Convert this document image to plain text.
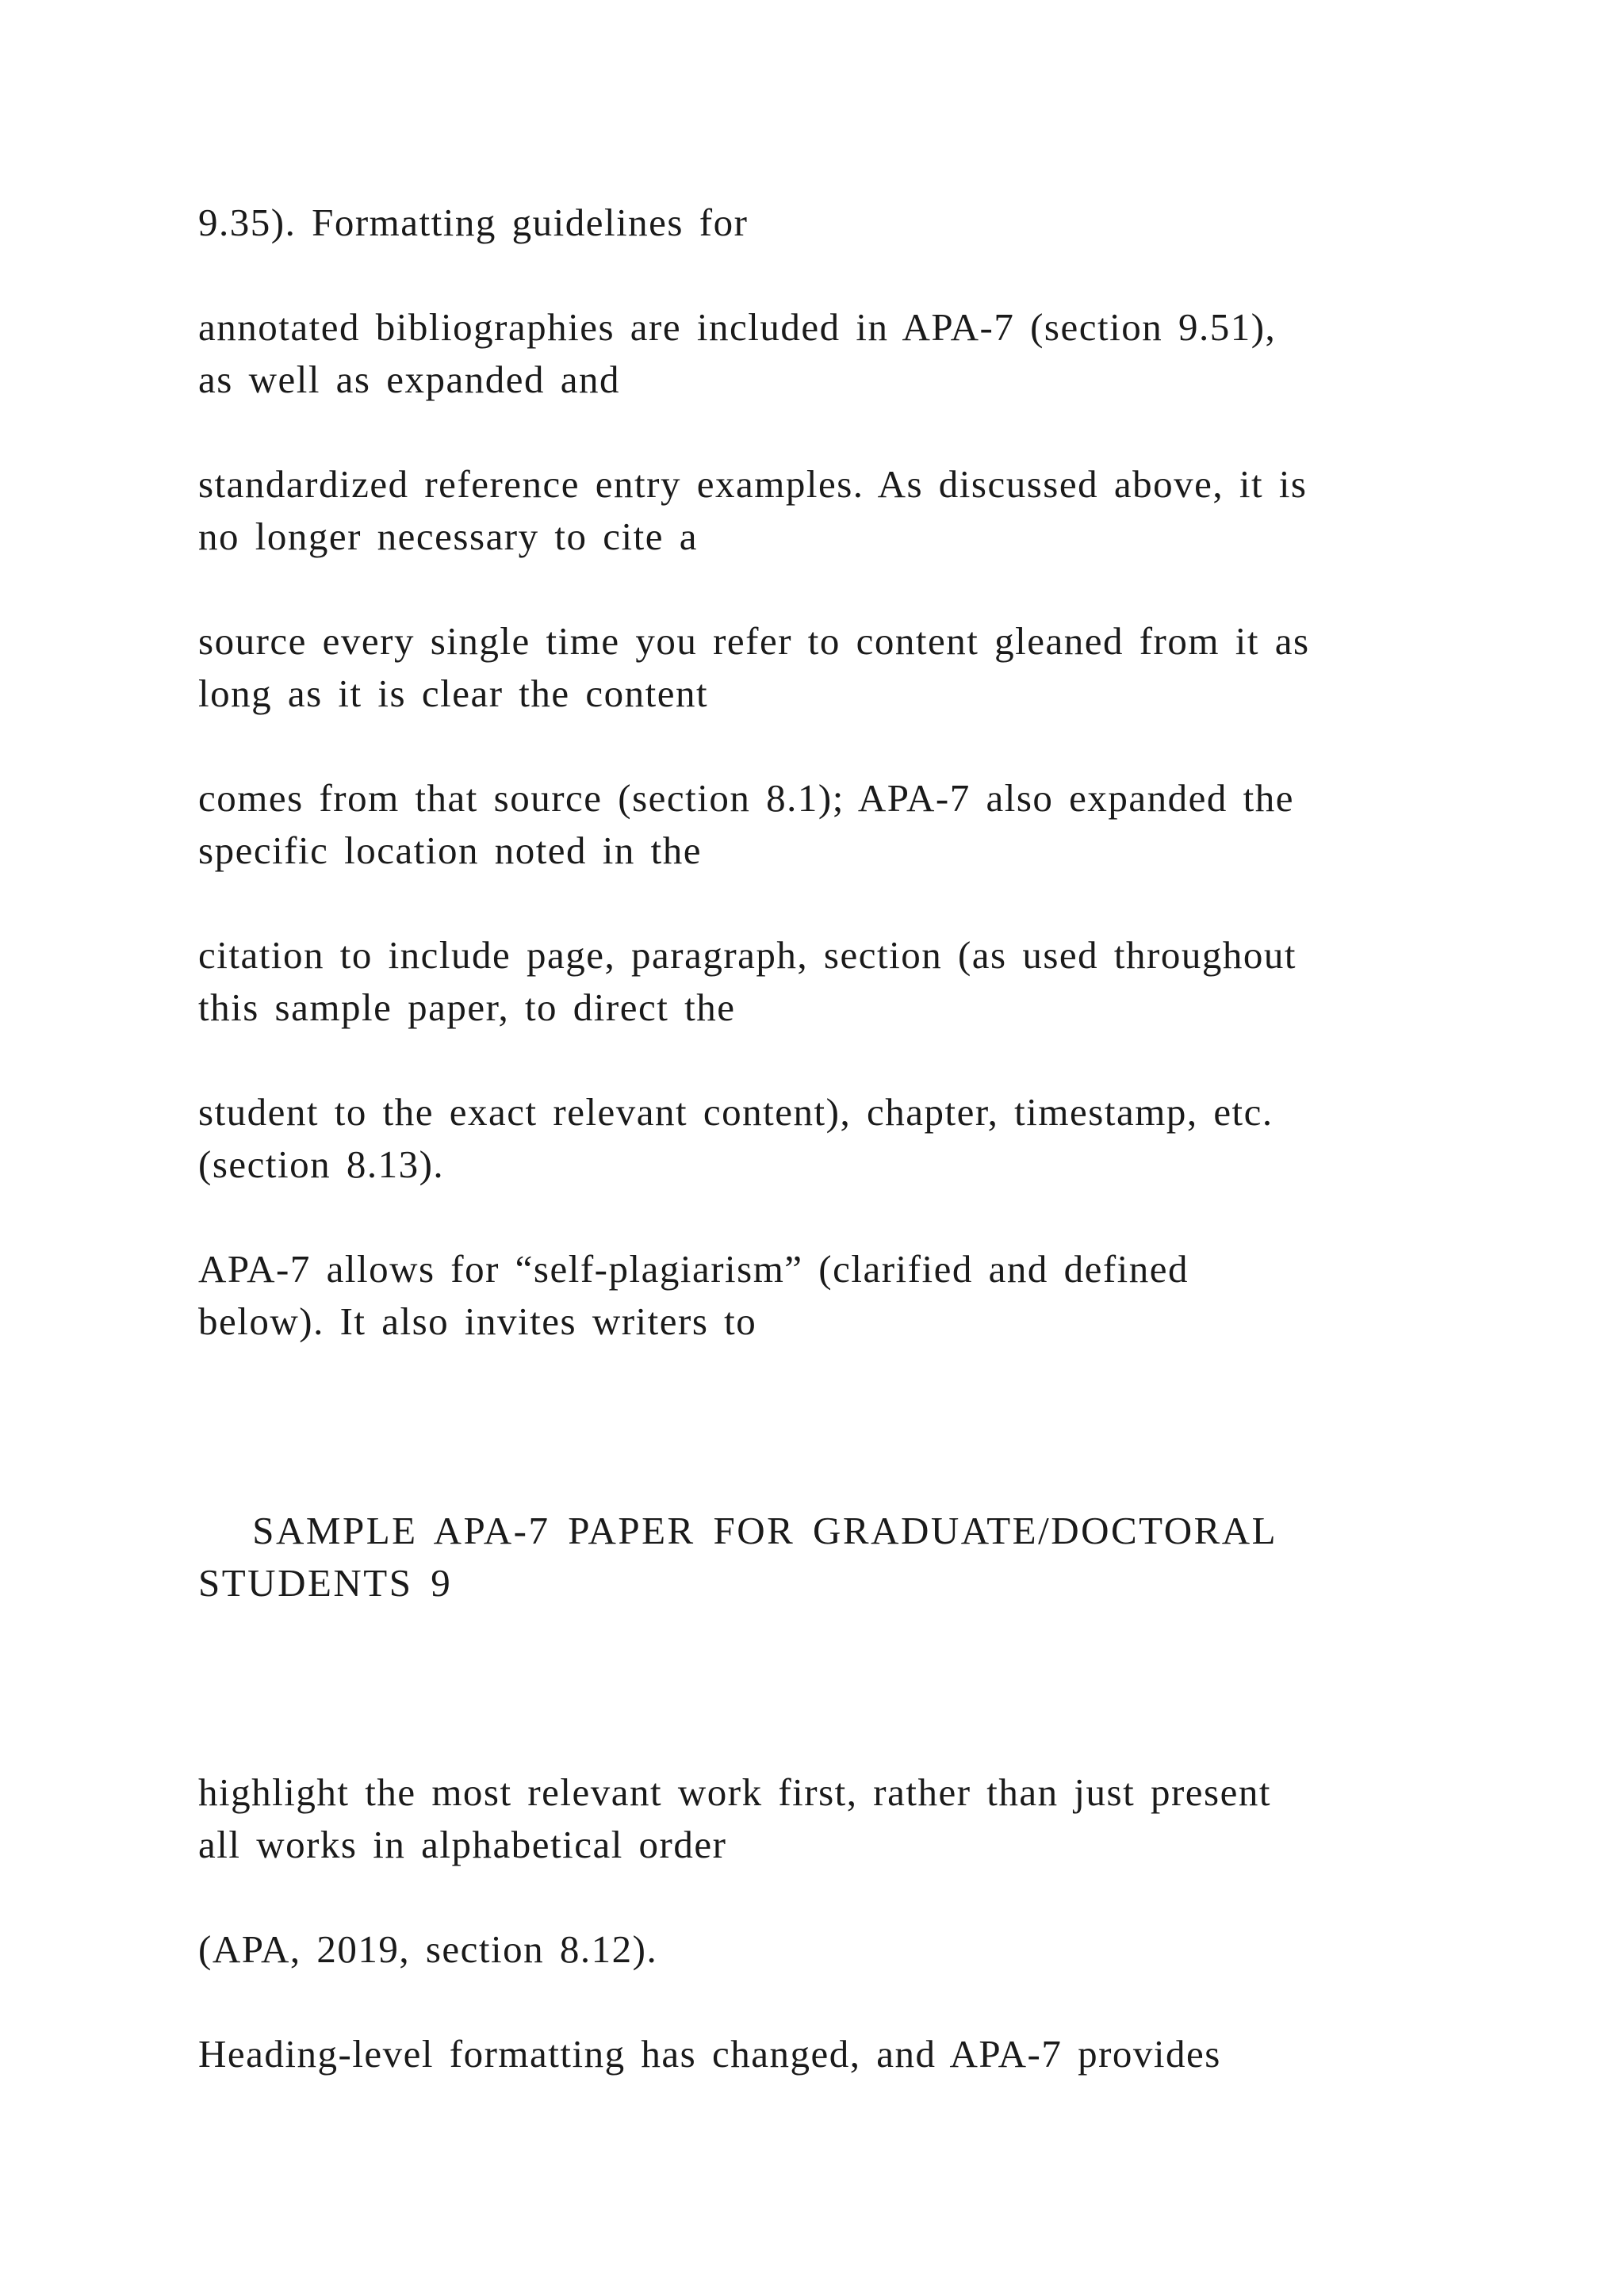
9.35). Formatting guidelines for

annotated bibliographies are included in APA-7 (section 9.51),
as well as expanded and

standardized reference entry examples. As discussed above, it is
no longer necessary to cite a

source every single time you refer to content gleaned from it as
long as it is clear the content

comes from that source (section 8.1); APA-7 also expanded the
specific location noted in the

citation to include page, paragraph, section (as used throughout
this sample paper, to direct the

student to the exact relevant content), chapter, timestamp, etc.
(section 8.13).

APA-7 allows for “self-plagiarism” (clarified and defined
below). It also invites writers to

SAMPLE APA-7 PAPER FOR GRADUATE/DOCTORAL
STUDENTS 9

highlight the most relevant work first, rather than just present
all works in alphabetical order

(APA, 2019, section 8.12).

Heading-level formatting has changed, and APA-7 provides
